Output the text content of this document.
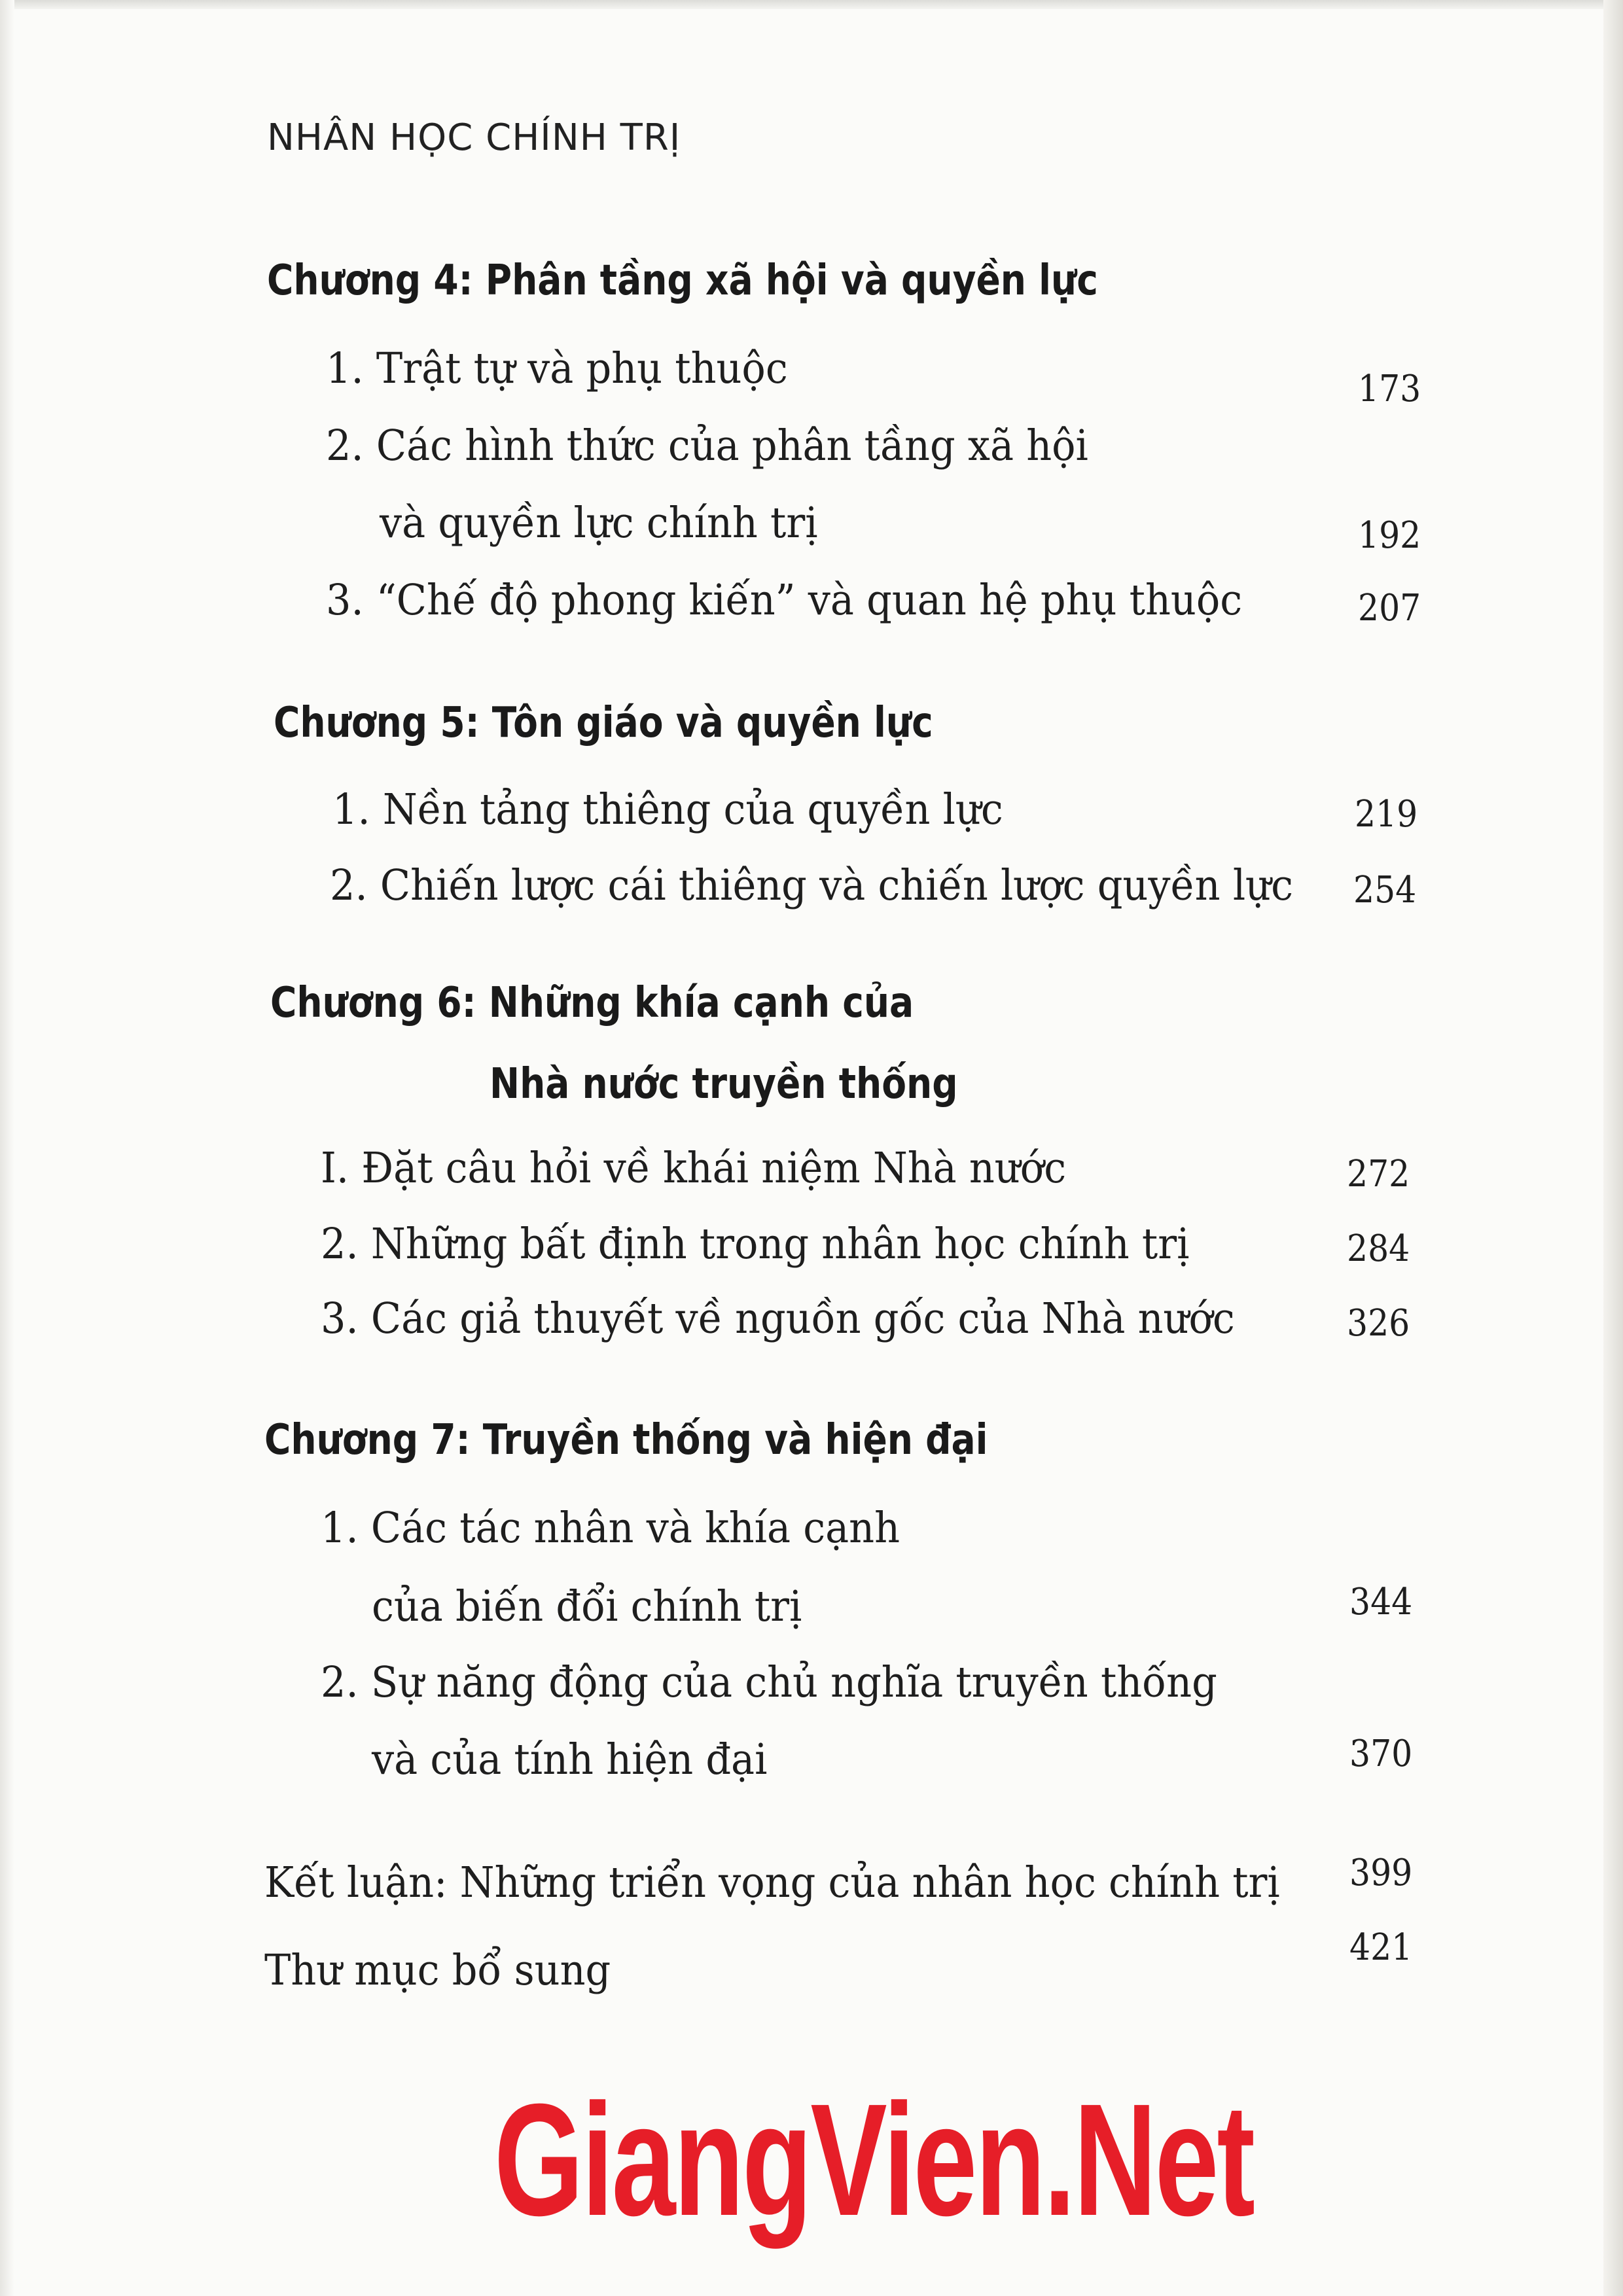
NHÂN HỌC CHÍNH TRỊ
Chương 4: Phân tầng xã hội và quyền lực
1. Trật tự và phụ thuộc	173
2. Các hình thức của phân tầng xã hội
và quyền lực chính trị	192
3. “Chế độ phong kiến” và quan hệ phụ thuộc	207
Chương 5: Tôn giáo và quyền lực
1. Nền tảng thiêng của quyền lực	219
2. Chiến lược cái thiêng và chiến lược quyền lực 254
Chương 6: Những khía cạnh của
Nhà nước truyền thống
I. Đặt câu hỏi về khái niệm Nhà nước	272
2. Những bất định trong nhân học chính trị	284
3. Các giả thuyết về nguồn gốc của Nhà nước	326
Chương 7: Truyền thống và hiện đại
1. Các tác nhân và khía cạnh
của biến đổi chính trị	344
2. Sự năng động của chủ nghĩa truyền thống
và của tính hiện đại	370
Kết luận: Những triển vọng của nhân học chính trị 399
Thư mục bổ sung	421
GiangVien.Net
